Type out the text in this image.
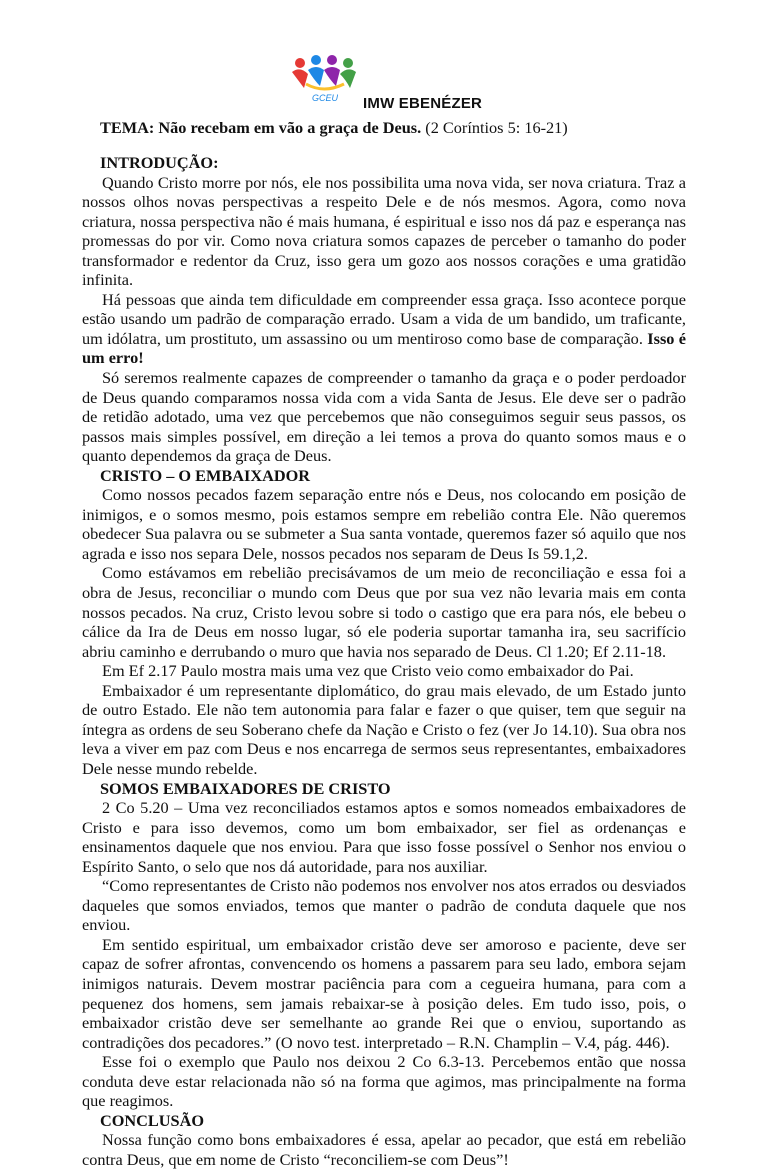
GCEU IMW EBENÉZER
TEMA: Não recebam em vão a graça de Deus. (2 Coríntios 5: 16-21)
INTRODUÇÃO:

Quando Cristo morre por nós, ele nos possibilita uma nova vida, ser nova criatura. Traz a nossos olhos novas perspectivas a respeito Dele e de nós mesmos. Agora, como nova criatura, nossa perspectiva não é mais humana, é espiritual e isso nos dá paz e esperança nas promessas do por vir. Como nova criatura somos capazes de perceber o tamanho do poder transformador e redentor da Cruz, isso gera um gozo aos nossos corações e uma gratidão infinita.

Há pessoas que ainda tem dificuldade em compreender essa graça. Isso acontece porque estão usando um padrão de comparação errado. Usam a vida de um bandido, um traficante, um idólatra, um prostituto, um assassino ou um mentiroso como base de comparação. Isso é um erro!

Só seremos realmente capazes de compreender o tamanho da graça e o poder perdoador de Deus quando comparamos nossa vida com a vida Santa de Jesus. Ele deve ser o padrão de retidão adotado, uma vez que percebemos que não conseguimos seguir seus passos, os passos mais simples possível, em direção a lei temos a prova do quanto somos maus e o quanto dependemos da graça de Deus.

CRISTO – O EMBAIXADOR

Como nossos pecados fazem separação entre nós e Deus, nos colocando em posição de inimigos, e o somos mesmo, pois estamos sempre em rebelião contra Ele. Não queremos obedecer Sua palavra ou se submeter a Sua santa vontade, queremos fazer só aquilo que nos agrada e isso nos separa Dele, nossos pecados nos separam de Deus Is 59.1,2.

Como estávamos em rebelião precisávamos de um meio de reconciliação e essa foi a obra de Jesus, reconciliar o mundo com Deus que por sua vez não levaria mais em conta nossos pecados. Na cruz, Cristo levou sobre si todo o castigo que era para nós, ele bebeu o cálice da Ira de Deus em nosso lugar, só ele poderia suportar tamanha ira, seu sacrifício abriu caminho e derrubando o muro que havia nos separado de Deus. Cl 1.20; Ef 2.11-18.

Em Ef 2.17 Paulo mostra mais uma vez que Cristo veio como embaixador do Pai.

Embaixador é um representante diplomático, do grau mais elevado, de um Estado junto de outro Estado. Ele não tem autonomia para falar e fazer o que quiser, tem que seguir na íntegra as ordens de seu Soberano chefe da Nação e Cristo o fez (ver Jo 14.10). Sua obra nos leva a viver em paz com Deus e nos encarrega de sermos seus representantes, embaixadores Dele nesse mundo rebelde.

SOMOS EMBAIXADORES DE CRISTO

2 Co 5.20 – Uma vez reconciliados estamos aptos e somos nomeados embaixadores de Cristo e para isso devemos, como um bom embaixador, ser fiel as ordenanças e ensinamentos daquele que nos enviou. Para que isso fosse possível o Senhor nos enviou o Espírito Santo, o selo que nos dá autoridade, para nos auxiliar.

“Como representantes de Cristo não podemos nos envolver nos atos errados ou desviados daqueles que somos enviados, temos que manter o padrão de conduta daquele que nos enviou.

Em sentido espiritual, um embaixador cristão deve ser amoroso e paciente, deve ser capaz de sofrer afrontas, convencendo os homens a passarem para seu lado, embora sejam inimigos naturais. Devem mostrar paciência para com a cegueira humana, para com a pequenez dos homens, sem jamais rebaixar-se à posição deles. Em tudo isso, pois, o embaixador cristão deve ser semelhante ao grande Rei que o enviou, suportando as contradições dos pecadores.” (O novo test. interpretado – R.N. Champlin – V.4, pág. 446).

Esse foi o exemplo que Paulo nos deixou 2 Co 6.3-13. Percebemos então que nossa conduta deve estar relacionada não só na forma que agimos, mas principalmente na forma que reagimos.

CONCLUSÃO

Nossa função como bons embaixadores é essa, apelar ao pecador, que está em rebelião contra Deus, que em nome de Cristo “reconciliem-se com Deus”!
